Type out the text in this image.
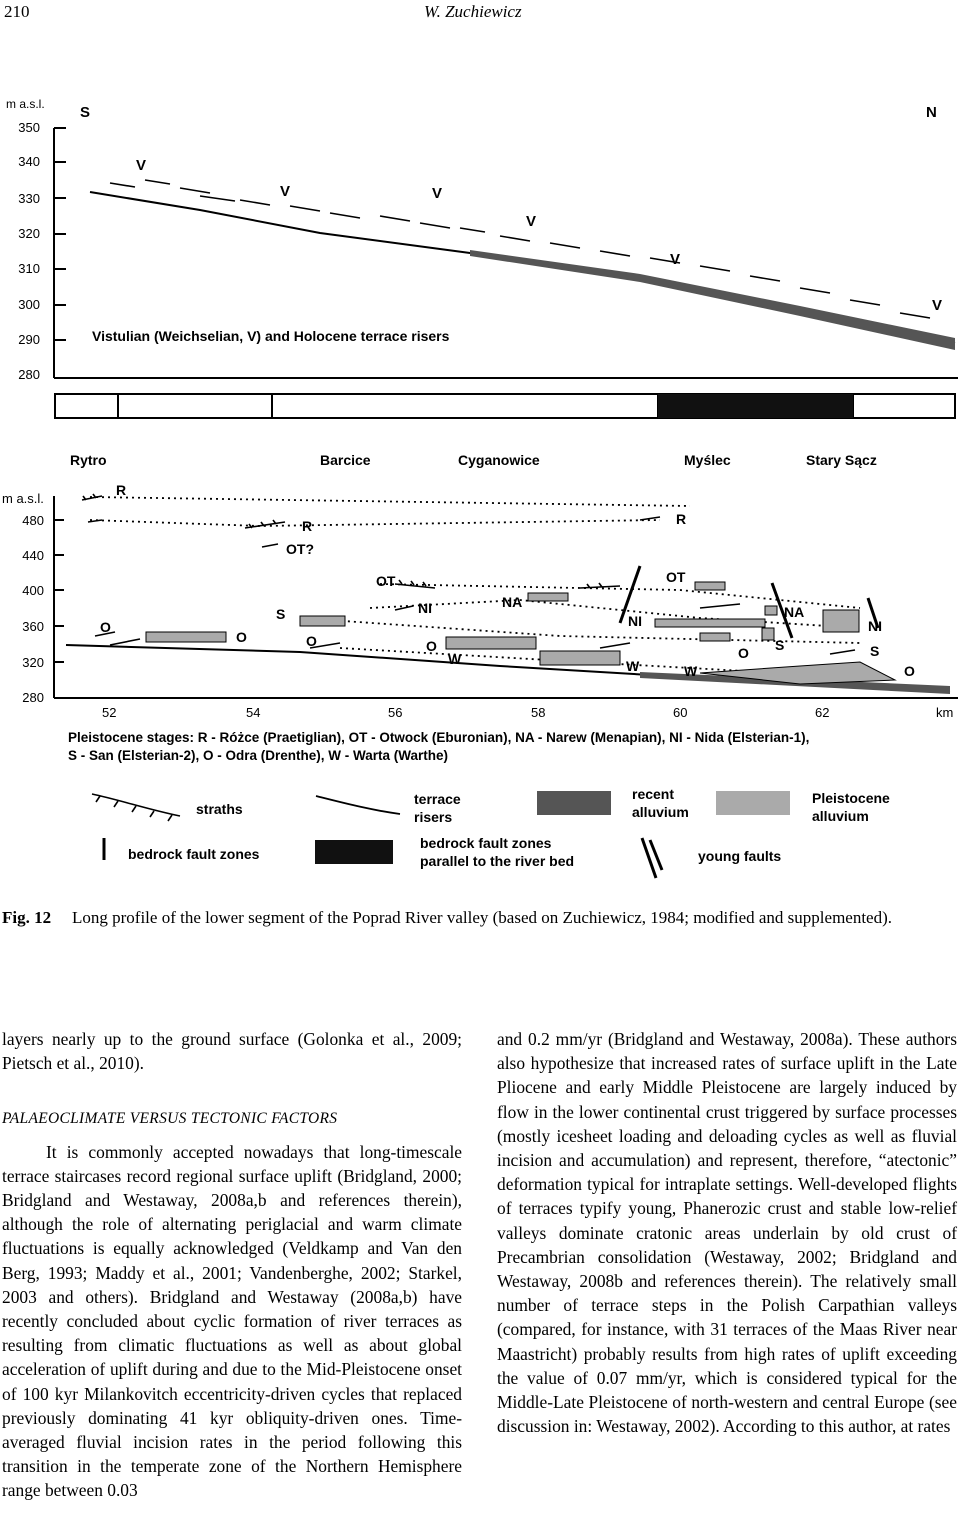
210	W. Zuchiewicz
m a.s.l. S	N
350
340
330
320
310
300
290
280
V
V	V
V
V
V
Vistulian (Weichselian, V) and Holocene terrace risers
Rytro	Barcice	Cyganowice	Myślec	Stary Sącz
m a.s.l.
480
440
400
360
320
280
52	54	56	58	60	62	km
R
R	R
OT?
OT	OT
NA
NA
NI
NI	NI
S
S	S
O
O	O	O	O
O
W	W	W
Pleistocene stages: R - Różce (Praetiglian), OT - Otwock (Eburonian), NA - Narew (Menapian), NI - Nida (Elsterian-1),
S - San (Elsterian-2), O - Odra (Drenthe), W - Warta (Warthe)
straths
terrace
risers
recent
alluvium
Pleistocene
alluvium
bedrock fault zones
bedrock fault zones
parallel to the river bed	young faults
Fig. 12 Long profile of the lower segment of the Poprad River valley (based on Zuchiewicz, 1984; modified and supplemented).

layers nearly up to the ground surface (Golonka et al., 2009; Pietsch et al., 2010).

PALAEOCLIMATE VERSUS TECTONIC FACTORS

It is commonly accepted nowadays that long-timescale terrace staircases record regional surface uplift (Bridgland, 2000; Bridgland and Westaway, 2008a,b and references therein), although the role of alternating periglacial and warm climate fluctuations is equally acknowledged (Veldkamp and Van den Berg, 1993; Maddy et al., 2001; Vandenberghe, 2002; Starkel, 2003 and others). Bridgland and Westaway (2008a,b) have recently concluded about cyclic formation of river terraces as resulting from climatic fluctuations as well as about global acceleration of uplift during and due to the Mid-Pleistocene onset of 100 kyr Milankovitch eccentricity-driven cycles that replaced previously dominating 41 kyr obliquity-driven ones. Time-averaged fluvial incision rates in the period following this transition in the temperate zone of the Northern Hemisphere range between 0.03

and 0.2 mm/yr (Bridgland and Westaway, 2008a). These authors also hypothesize that increased rates of surface uplift in the Late Pliocene and early Middle Pleistocene are largely induced by flow in the lower continental crust triggered by surface processes (mostly icesheet loading and deloading cycles as well as fluvial incision and accumulation) and represent, therefore, “atectonic” deformation typical for intraplate settings. Well-developed flights of terraces typify young, Phanerozic crust and stable low-relief valleys dominate cratonic areas underlain by old crust of Precambrian consolidation (Westaway, 2002; Bridgland and Westaway, 2008b and references therein). The relatively small number of terrace steps in the Polish Carpathian valleys (compared, for instance, with 31 terraces of the Maas River near Maastricht) probably results from high rates of uplift exceeding the value of 0.07 mm/yr, which is considered typical for the Middle-Late Pleistocene of north-western and central Europe (see discussion in: Westaway, 2002). According to this author, at rates
